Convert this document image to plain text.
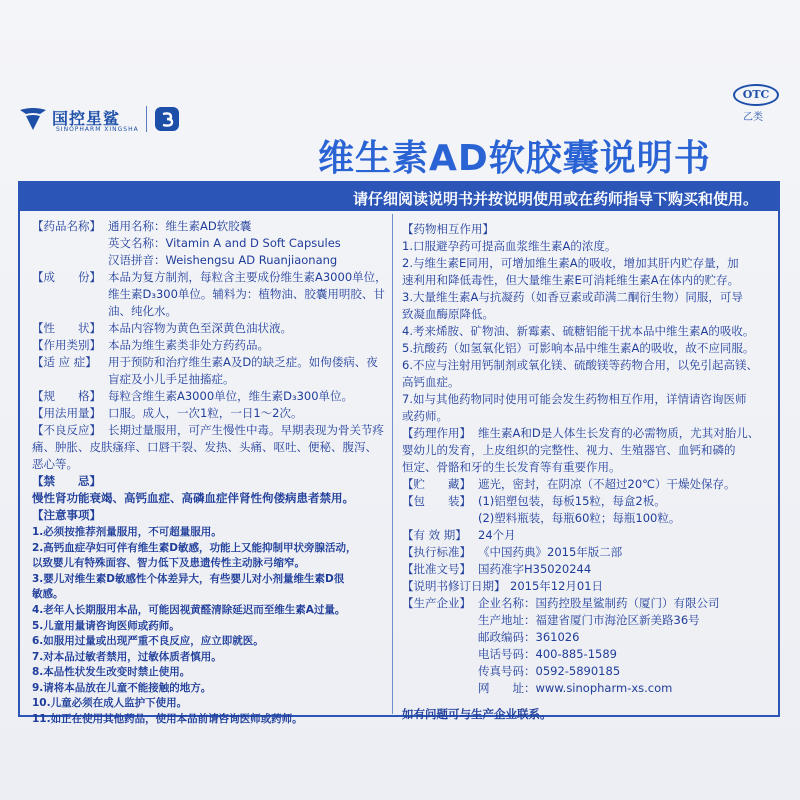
国控星鲨
SINOPHARM XINGSHA
OTC
乙类
维生素AD软胶囊说明书
请仔细阅读说明书并按说明使用或在药师指导下购买和使用。
【药品名称】 通用名称：维生素AD软胶囊
英文名称：Vitamin A and D Soft Capsules
汉语拼音：Weishengsu AD Ruanjiaonang
【成　　份】 本品为复方制剂，每粒含主要成份维生素A3000单位，
维生素D₃300单位。辅料为：植物油、胶囊用明胶、甘
油、纯化水。
【性　　状】 本品内容物为黄色至深黄色油状液。
【作用类别】 本品为维生素类非处方药药品。
【适 应 症】 用于预防和治疗维生素A及D的缺乏症。如佝偻病、夜
盲症及小儿手足抽搐症。
【规　　格】 每粒含维生素A3000单位，维生素D₃300单位。
【用法用量】 口服。成人，一次1粒，一日1～2次。
【不良反应】 长期过量服用，可产生慢性中毒。早期表现为骨关节疼
痛、肿胀、皮肤瘙痒、口唇干裂、发热、头痛、呕吐、便秘、腹泻、
恶心等。
【禁　　忌】
慢性肾功能衰竭、高钙血症、高磷血症伴肾性佝偻病患者禁用。
【注意事项】
1.必须按推荐剂量服用，不可超量服用。
2.高钙血症孕妇可伴有维生素D敏感，功能上又能抑制甲状旁腺活动，
以致婴儿有特殊面容、智力低下及患遗传性主动脉弓缩窄。
3.婴儿对维生素D敏感性个体差异大，有些婴儿对小剂量维生素D很
敏感。
4.老年人长期服用本品，可能因视黄醛清除延迟而至维生素A过量。
5.儿童用量请咨询医师或药师。
6.如服用过量或出现严重不良反应，应立即就医。
7.对本品过敏者禁用，过敏体质者慎用。
8.本品性状发生改变时禁止使用。
9.请将本品放在儿童不能接触的地方。
10.儿童必须在成人监护下使用。
11.如正在使用其他药品，使用本品前请咨询医师或药师。
【药物相互作用】
1.口服避孕药可提高血浆维生素A的浓度。
2.与维生素E同用，可增加维生素A的吸收，增加其肝内贮存量，加
速利用和降低毒性，但大量维生素E可消耗维生素A在体内的贮存。
3.大量维生素A与抗凝药（如香豆素或茚满二酮衍生物）同服，可导
致凝血酶原降低。
4.考来烯胺、矿物油、新霉素、硫糖铝能干扰本品中维生素A的吸收。
5.抗酸药（如氢氧化铝）可影响本品中维生素A的吸收，故不应同服。
6.不应与注射用钙制剂或氧化镁、硫酸镁等药物合用，以免引起高镁、
高钙血症。
7.如与其他药物同时使用可能会发生药物相互作用，详情请咨询医师
或药师。
【药理作用】 维生素A和D是人体生长发育的必需物质，尤其对胎儿、
婴幼儿的发育，上皮组织的完整性、视力、生殖器官、血钙和磷的
恒定、骨骼和牙的生长发育等有重要作用。
【贮　　藏】 遮光，密封，在阴凉（不超过20℃）干燥处保存。
【包　　装】 (1)铝塑包装，每板15粒，每盒2板。
(2)塑料瓶装，每瓶60粒；每瓶100粒。
【有 效 期】 24个月
【执行标准】 《中国药典》2015年版二部
【批准文号】 国药准字H35020244
【说明书修订日期】 2015年12月01日
【生产企业】 企业名称：国药控股星鲨制药（厦门）有限公司
生产地址：福建省厦门市海沧区新美路36号
邮政编码：361026
电话号码：400-885-1589
传真号码：0592-5890185
网　　址：www.sinopharm-xs.com
如有问题可与生产企业联系。
